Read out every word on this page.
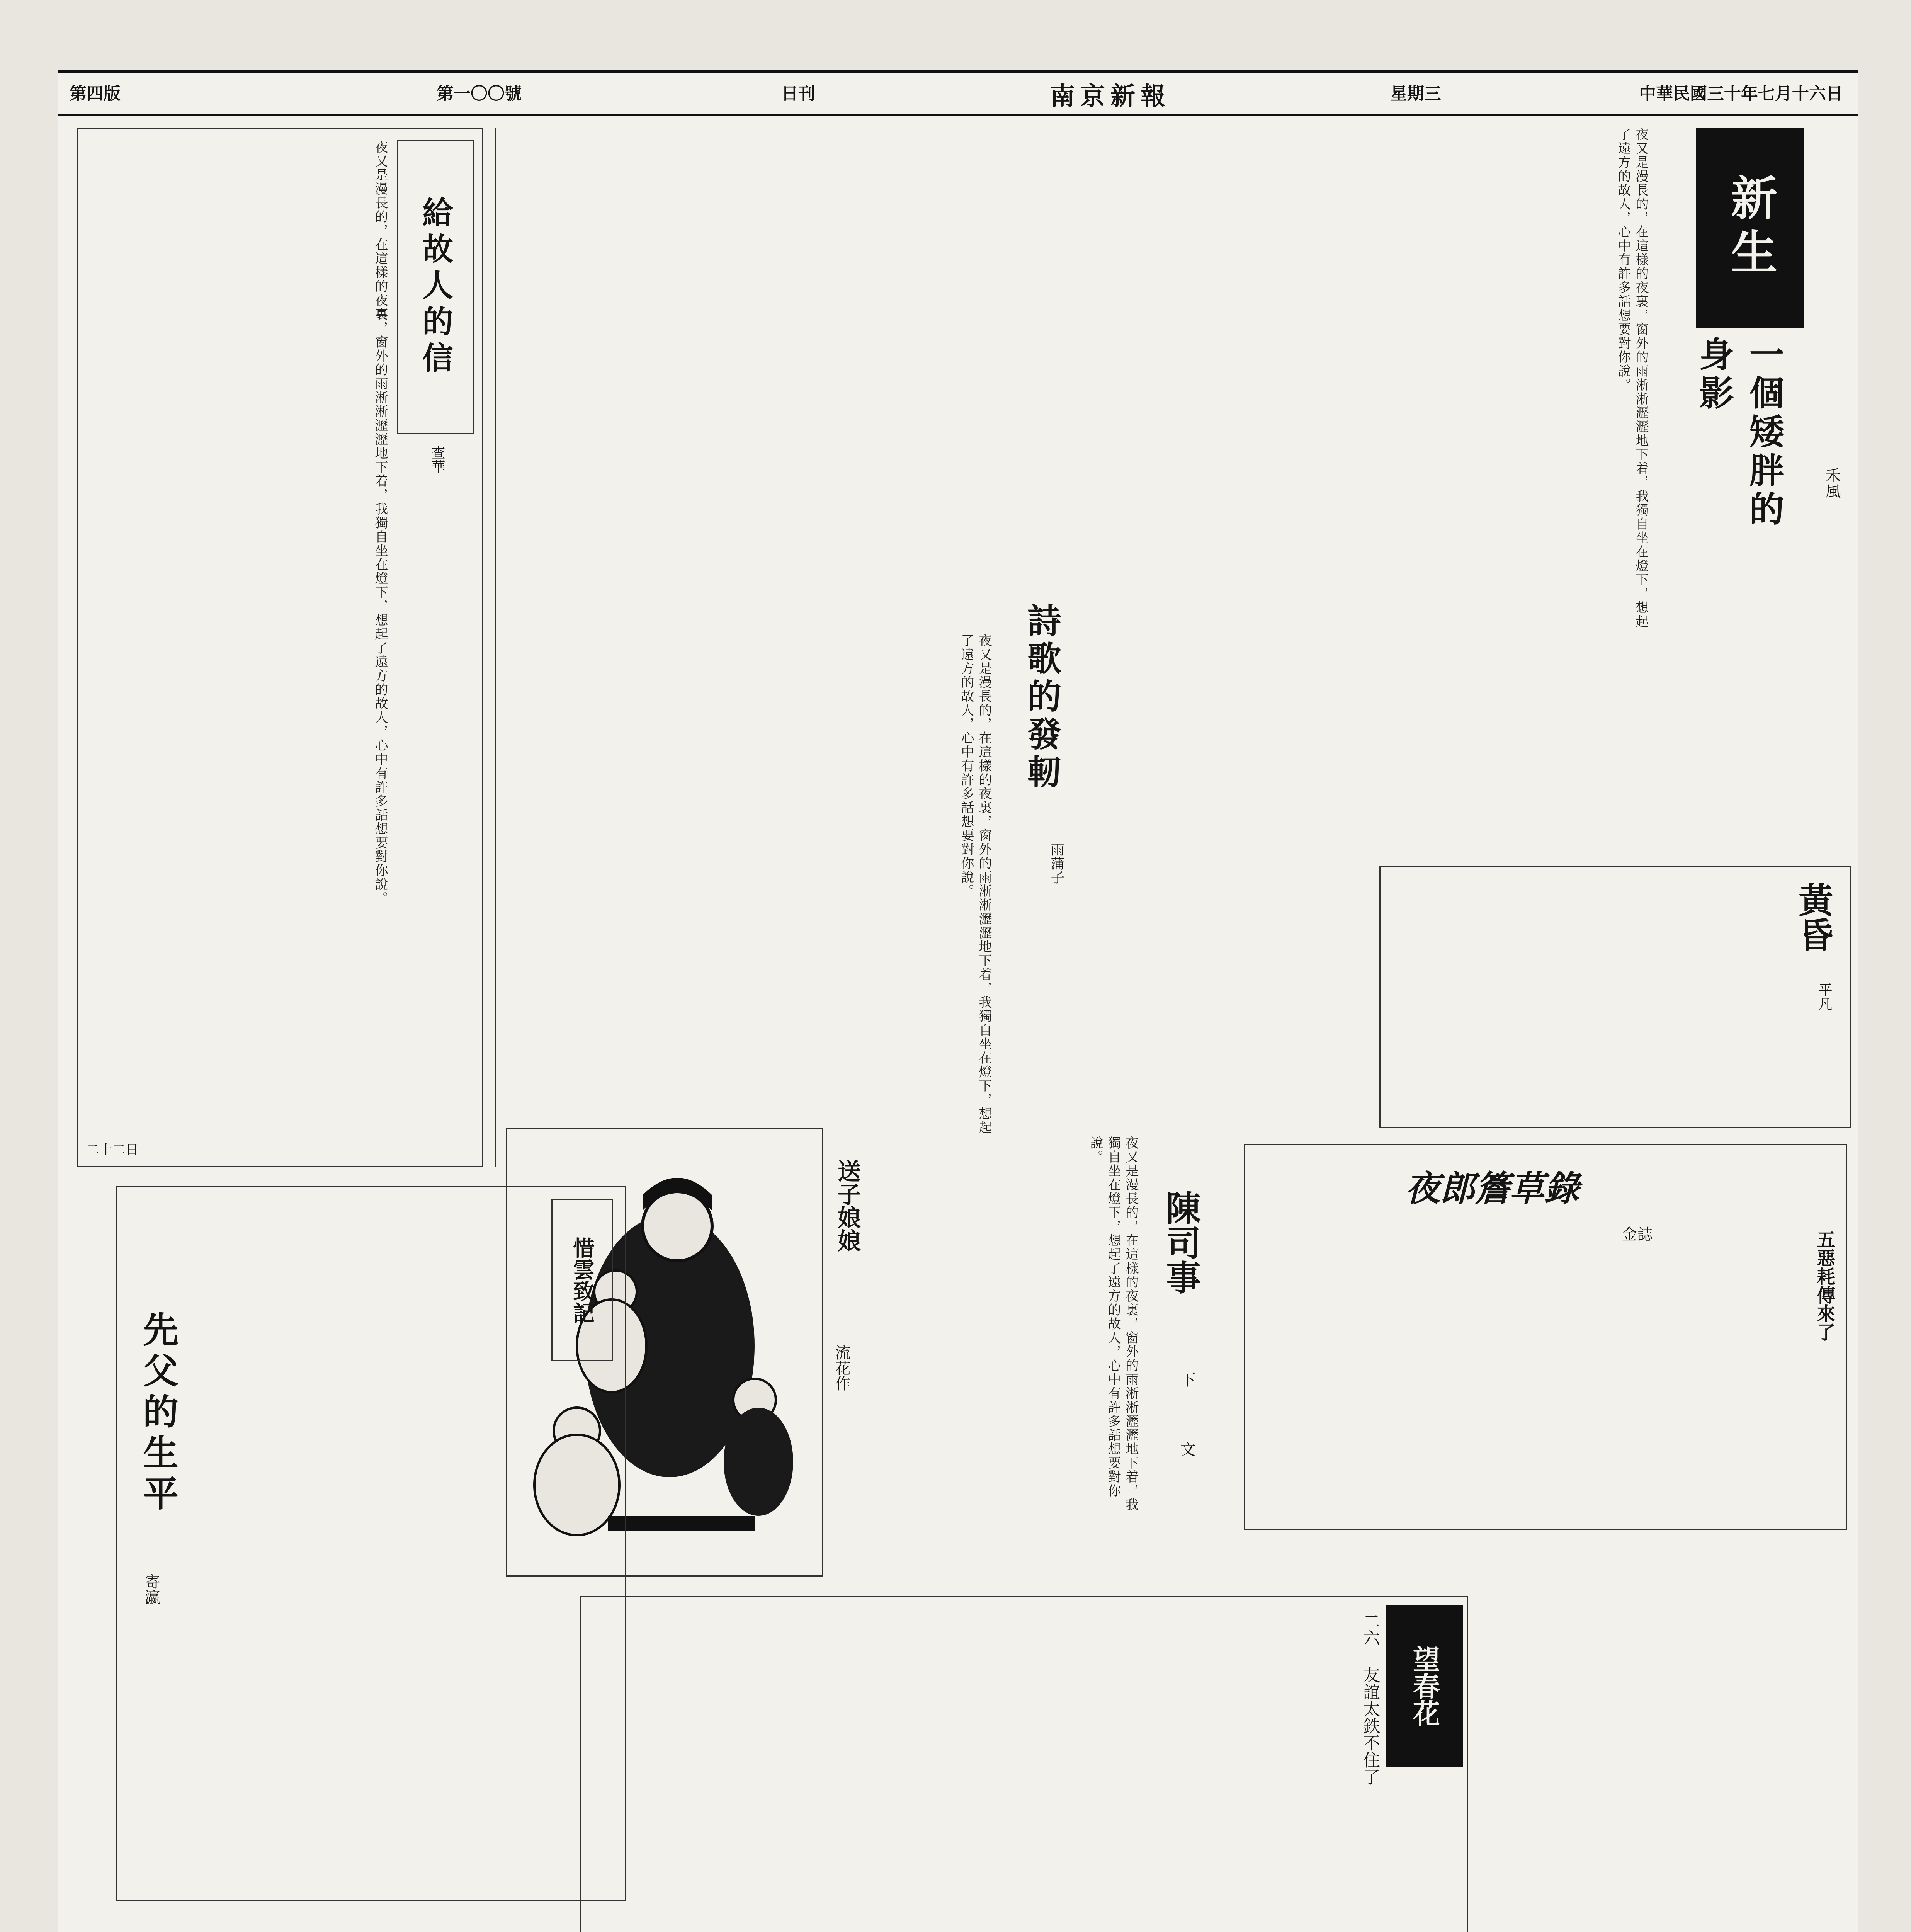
中華民國三十年七月十六日
星期三
南京新報
日刊
第一〇〇號
第四版
新生
一個矮胖的身影
禾風
夜又是漫長的，在這樣的夜裏，窗外的雨淅淅瀝瀝地下着，我獨自坐在燈下，想起了遠方的故人，心中有許多話想要對你說。
給故人的信
查華
夜又是漫長的，在這樣的夜裏，窗外的雨淅淅瀝瀝地下着，我獨自坐在燈下，想起了遠方的故人，心中有許多話想要對你說。
二十二日
詩歌的發軔
雨蒲子
夜又是漫長的，在這樣的夜裏，窗外的雨淅淅瀝瀝地下着，我獨自坐在燈下，想起了遠方的故人，心中有許多話想要對你說。
黃昏
平凡
送子娘娘
流花作
陳司事
下
文
夜又是漫長的，在這樣的夜裏，窗外的雨淅淅瀝瀝地下着，我獨自坐在燈下，想起了遠方的故人，心中有許多話想要對你說。
夜郎簷草錄
金誌	五惡耗傳來了
惜雲致記
先父的生平
寄瀛
望春花
二六 友誼太鉄不住了
